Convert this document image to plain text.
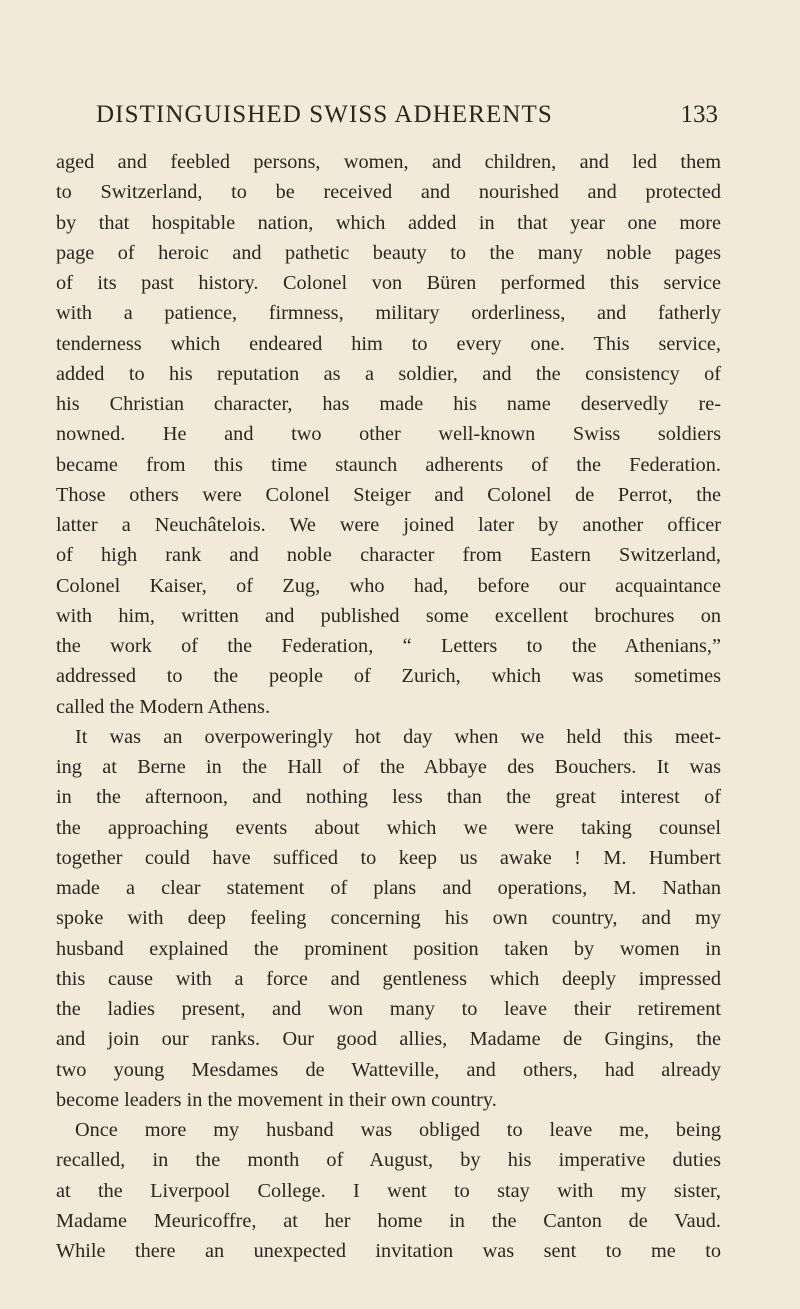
DISTINGUISHED SWISS ADHERENTS	133
aged and feebled persons, women, and children, and led them
to Switzerland, to be received and nourished and protected
by that hospitable nation, which added in that year one more
page of heroic and pathetic beauty to the many noble pages
of its past history. Colonel von Büren performed this service
with a patience, firmness, military orderliness, and fatherly
tenderness which endeared him to every one. This service,
added to his reputation as a soldier, and the consistency of
his Christian character, has made his name deservedly re-
nowned. He and two other well-known Swiss soldiers
became from this time staunch adherents of the Federation.
Those others were Colonel Steiger and Colonel de Perrot, the
latter a Neuchâtelois. We were joined later by another officer
of high rank and noble character from Eastern Switzerland,
Colonel Kaiser, of Zug, who had, before our acquaintance
with him, written and published some excellent brochures on
the work of the Federation, “ Letters to the Athenians,”
addressed to the people of Zurich, which was sometimes
called the Modern Athens.
It was an overpoweringly hot day when we held this meet-
ing at Berne in the Hall of the Abbaye des Bouchers. It was
in the afternoon, and nothing less than the great interest of
the approaching events about which we were taking counsel
together could have sufficed to keep us awake ! M. Humbert
made a clear statement of plans and operations, M. Nathan
spoke with deep feeling concerning his own country, and my
husband explained the prominent position taken by women in
this cause with a force and gentleness which deeply impressed
the ladies present, and won many to leave their retirement
and join our ranks. Our good allies, Madame de Gingins, the
two young Mesdames de Watteville, and others, had already
become leaders in the movement in their own country.
Once more my husband was obliged to leave me, being
recalled, in the month of August, by his imperative duties
at the Liverpool College. I went to stay with my sister,
Madame Meuricoffre, at her home in the Canton de Vaud.
While there an unexpected invitation was sent to me to
